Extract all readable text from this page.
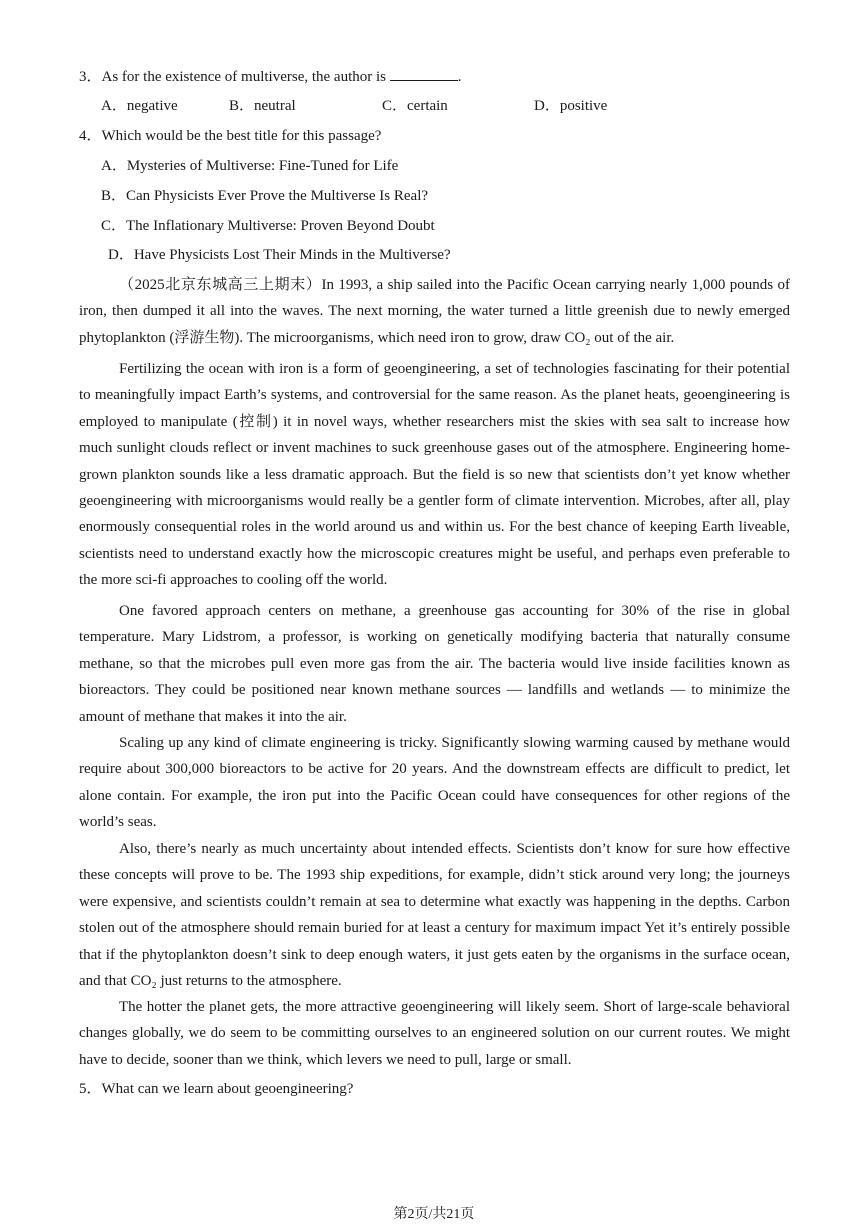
3．As for the existence of multiverse, the author is	.
A．negative	B．neutral	C．certain	D．positive
4．Which would be the best title for this passage?
A．Mysteries of Multiverse: Fine-Tuned for Life
B．Can Physicists Ever Prove the Multiverse Is Real?
C．The Inflationary Multiverse: Proven Beyond Doubt
D．Have Physicists Lost Their Minds in the Multiverse?
（2025北京东城高三上期末）In 1993, a ship sailed into the Pacific Ocean carrying nearly 1,000 pounds of iron, then dumped it all into the waves. The next morning, the water turned a little greenish due to newly emerged phytoplankton (浮游生物). The microorganisms, which need iron to grow, draw CO₂ out of the air.
Fertilizing the ocean with iron is a form of geoengineering, a set of technologies fascinating for their potential to meaningfully impact Earth’s systems, and controversial for the same reason. As the planet heats, geoengineering is employed to manipulate (控制) it in novel ways, whether researchers mist the skies with sea salt to increase how much sunlight clouds reflect or invent machines to suck greenhouse gases out of the atmosphere. Engineering home-grown plankton sounds like a less dramatic approach. But the field is so new that scientists don’t yet know whether geoengineering with microorganisms would really be a gentler form of climate intervention. Microbes, after all, play enormously consequential roles in the world around us and within us. For the best chance of keeping Earth liveable, scientists need to understand exactly how the microscopic creatures might be useful, and perhaps even preferable to the more sci-fi approaches to cooling off the world.
One favored approach centers on methane, a greenhouse gas accounting for 30% of the rise in global temperature. Mary Lidstrom, a professor, is working on genetically modifying bacteria that naturally consume methane, so that the microbes pull even more gas from the air. The bacteria would live inside facilities known as bioreactors. They could be positioned near known methane sources — landfills and wetlands — to minimize the amount of methane that makes it into the air.
Scaling up any kind of climate engineering is tricky. Significantly slowing warming caused by methane would require about 300,000 bioreactors to be active for 20 years. And the downstream effects are difficult to predict, let alone contain. For example, the iron put into the Pacific Ocean could have consequences for other regions of the world’s seas.
Also, there’s nearly as much uncertainty about intended effects. Scientists don’t know for sure how effective these concepts will prove to be. The 1993 ship expeditions, for example, didn’t stick around very long; the journeys were expensive, and scientists couldn’t remain at sea to determine what exactly was happening in the depths. Carbon stolen out of the atmosphere should remain buried for at least a century for maximum impact Yet it’s entirely possible that if the phytoplankton doesn’t sink to deep enough waters, it just gets eaten by the organisms in the surface ocean, and that CO₂ just returns to the atmosphere.
The hotter the planet gets, the more attractive geoengineering will likely seem. Short of large-scale behavioral changes globally, we do seem to be committing ourselves to an engineered solution on our current routes. We might have to decide, sooner than we think, which levers we need to pull, large or small.
5．What can we learn about geoengineering?
第2页/共21页
